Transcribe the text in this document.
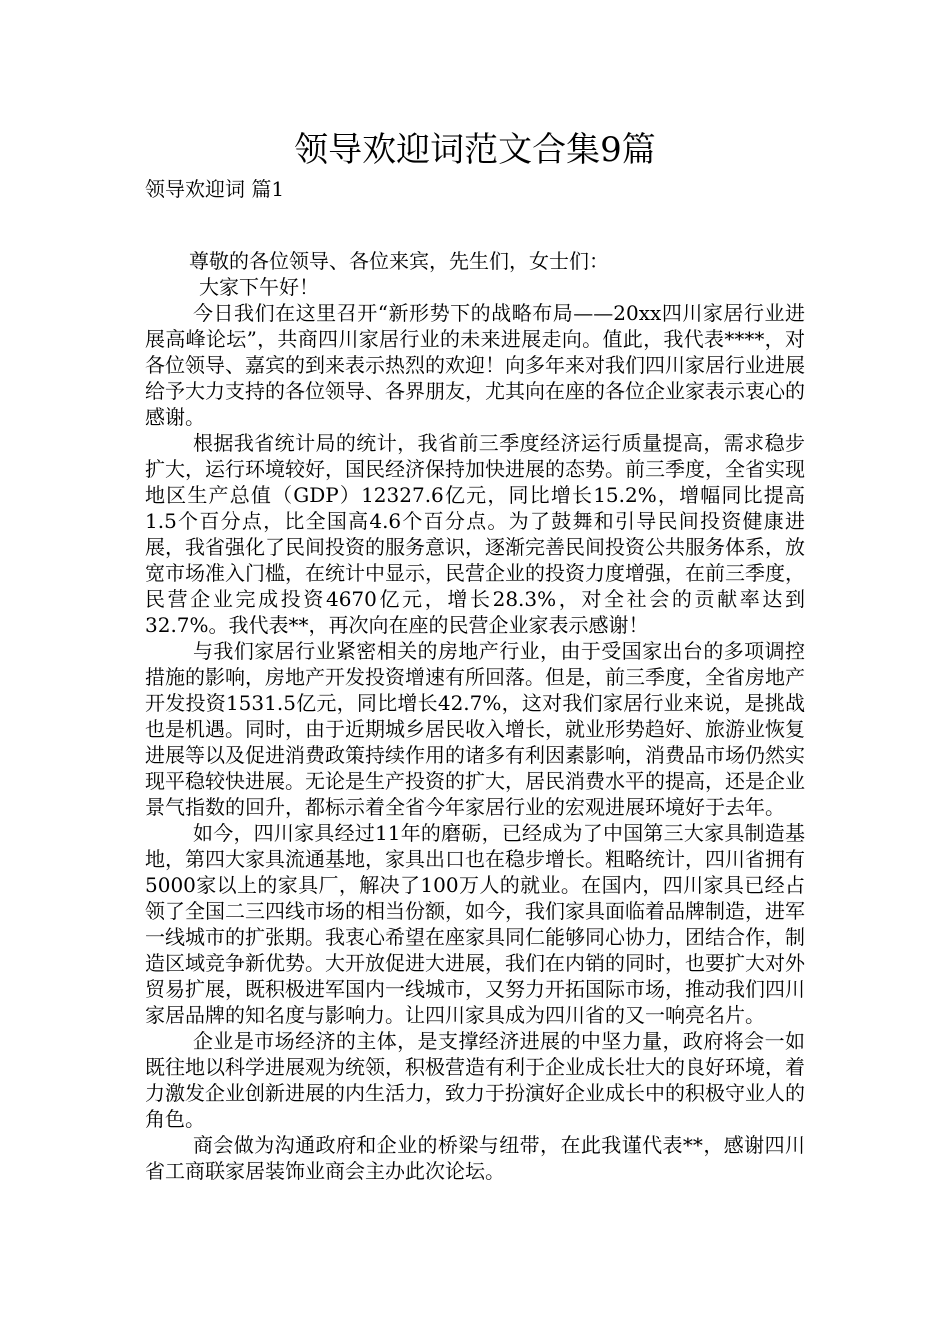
领导欢迎词范文合集9篇
领导欢迎词 篇1

尊敬的各位领导、各位来宾，先生们，女士们：

大家下午好！

今日我们在这里召开“新形势下的战略布局——20xx四川家居行业进展高峰论坛”，共商四川家居行业的未来进展走向。值此，我代表****，对各位领导、嘉宾的到来表示热烈的欢迎！向多年来对我们四川家居行业进展给予大力支持的各位领导、各界朋友，尤其向在座的各位企业家表示衷心的感谢。

根据我省统计局的统计，我省前三季度经济运行质量提高，需求稳步扩大，运行环境较好，国民经济保持加快进展的态势。前三季度，全省实现地区生产总值（GDP）12327.6亿元，同比增长15.2%，增幅同比提高1.5个百分点，比全国高4.6个百分点。为了鼓舞和引导民间投资健康进展，我省强化了民间投资的服务意识，逐渐完善民间投资公共服务体系，放宽市场准入门槛，在统计中显示，民营企业的投资力度增强，在前三季度，民营企业完成投资4670亿元，增长28.3%，对全社会的贡献率达到32.7%。我代表**，再次向在座的民营企业家表示感谢！

与我们家居行业紧密相关的房地产行业，由于受国家出台的多项调控措施的影响，房地产开发投资增速有所回落。但是，前三季度，全省房地产开发投资1531.5亿元，同比增长42.7%，这对我们家居行业来说，是挑战也是机遇。同时，由于近期城乡居民收入增长，就业形势趋好、旅游业恢复进展等以及促进消费政策持续作用的诸多有利因素影响，消费品市场仍然实现平稳较快进展。无论是生产投资的扩大，居民消费水平的提高，还是企业景气指数的回升，都标示着全省今年家居行业的宏观进展环境好于去年。

如今，四川家具经过11年的磨砺，已经成为了中国第三大家具制造基地，第四大家具流通基地，家具出口也在稳步增长。粗略统计，四川省拥有5000家以上的家具厂，解决了100万人的就业。在国内，四川家具已经占领了全国二三四线市场的相当份额，如今，我们家具面临着品牌制造，进军一线城市的扩张期。我衷心希望在座家具同仁能够同心协力，团结合作，制造区域竞争新优势。大开放促进大进展，我们在内销的同时，也要扩大对外贸易扩展，既积极进军国内一线城市，又努力开拓国际市场，推动我们四川家居品牌的知名度与影响力。让四川家具成为四川省的又一响亮名片。

企业是市场经济的主体，是支撑经济进展的中坚力量，政府将会一如既往地以科学进展观为统领，积极营造有利于企业成长壮大的良好环境，着力激发企业创新进展的内生活力，致力于扮演好企业成长中的积极守业人的角色。

商会做为沟通政府和企业的桥梁与纽带，在此我谨代表**，感谢四川省工商联家居装饰业商会主办此次论坛。
